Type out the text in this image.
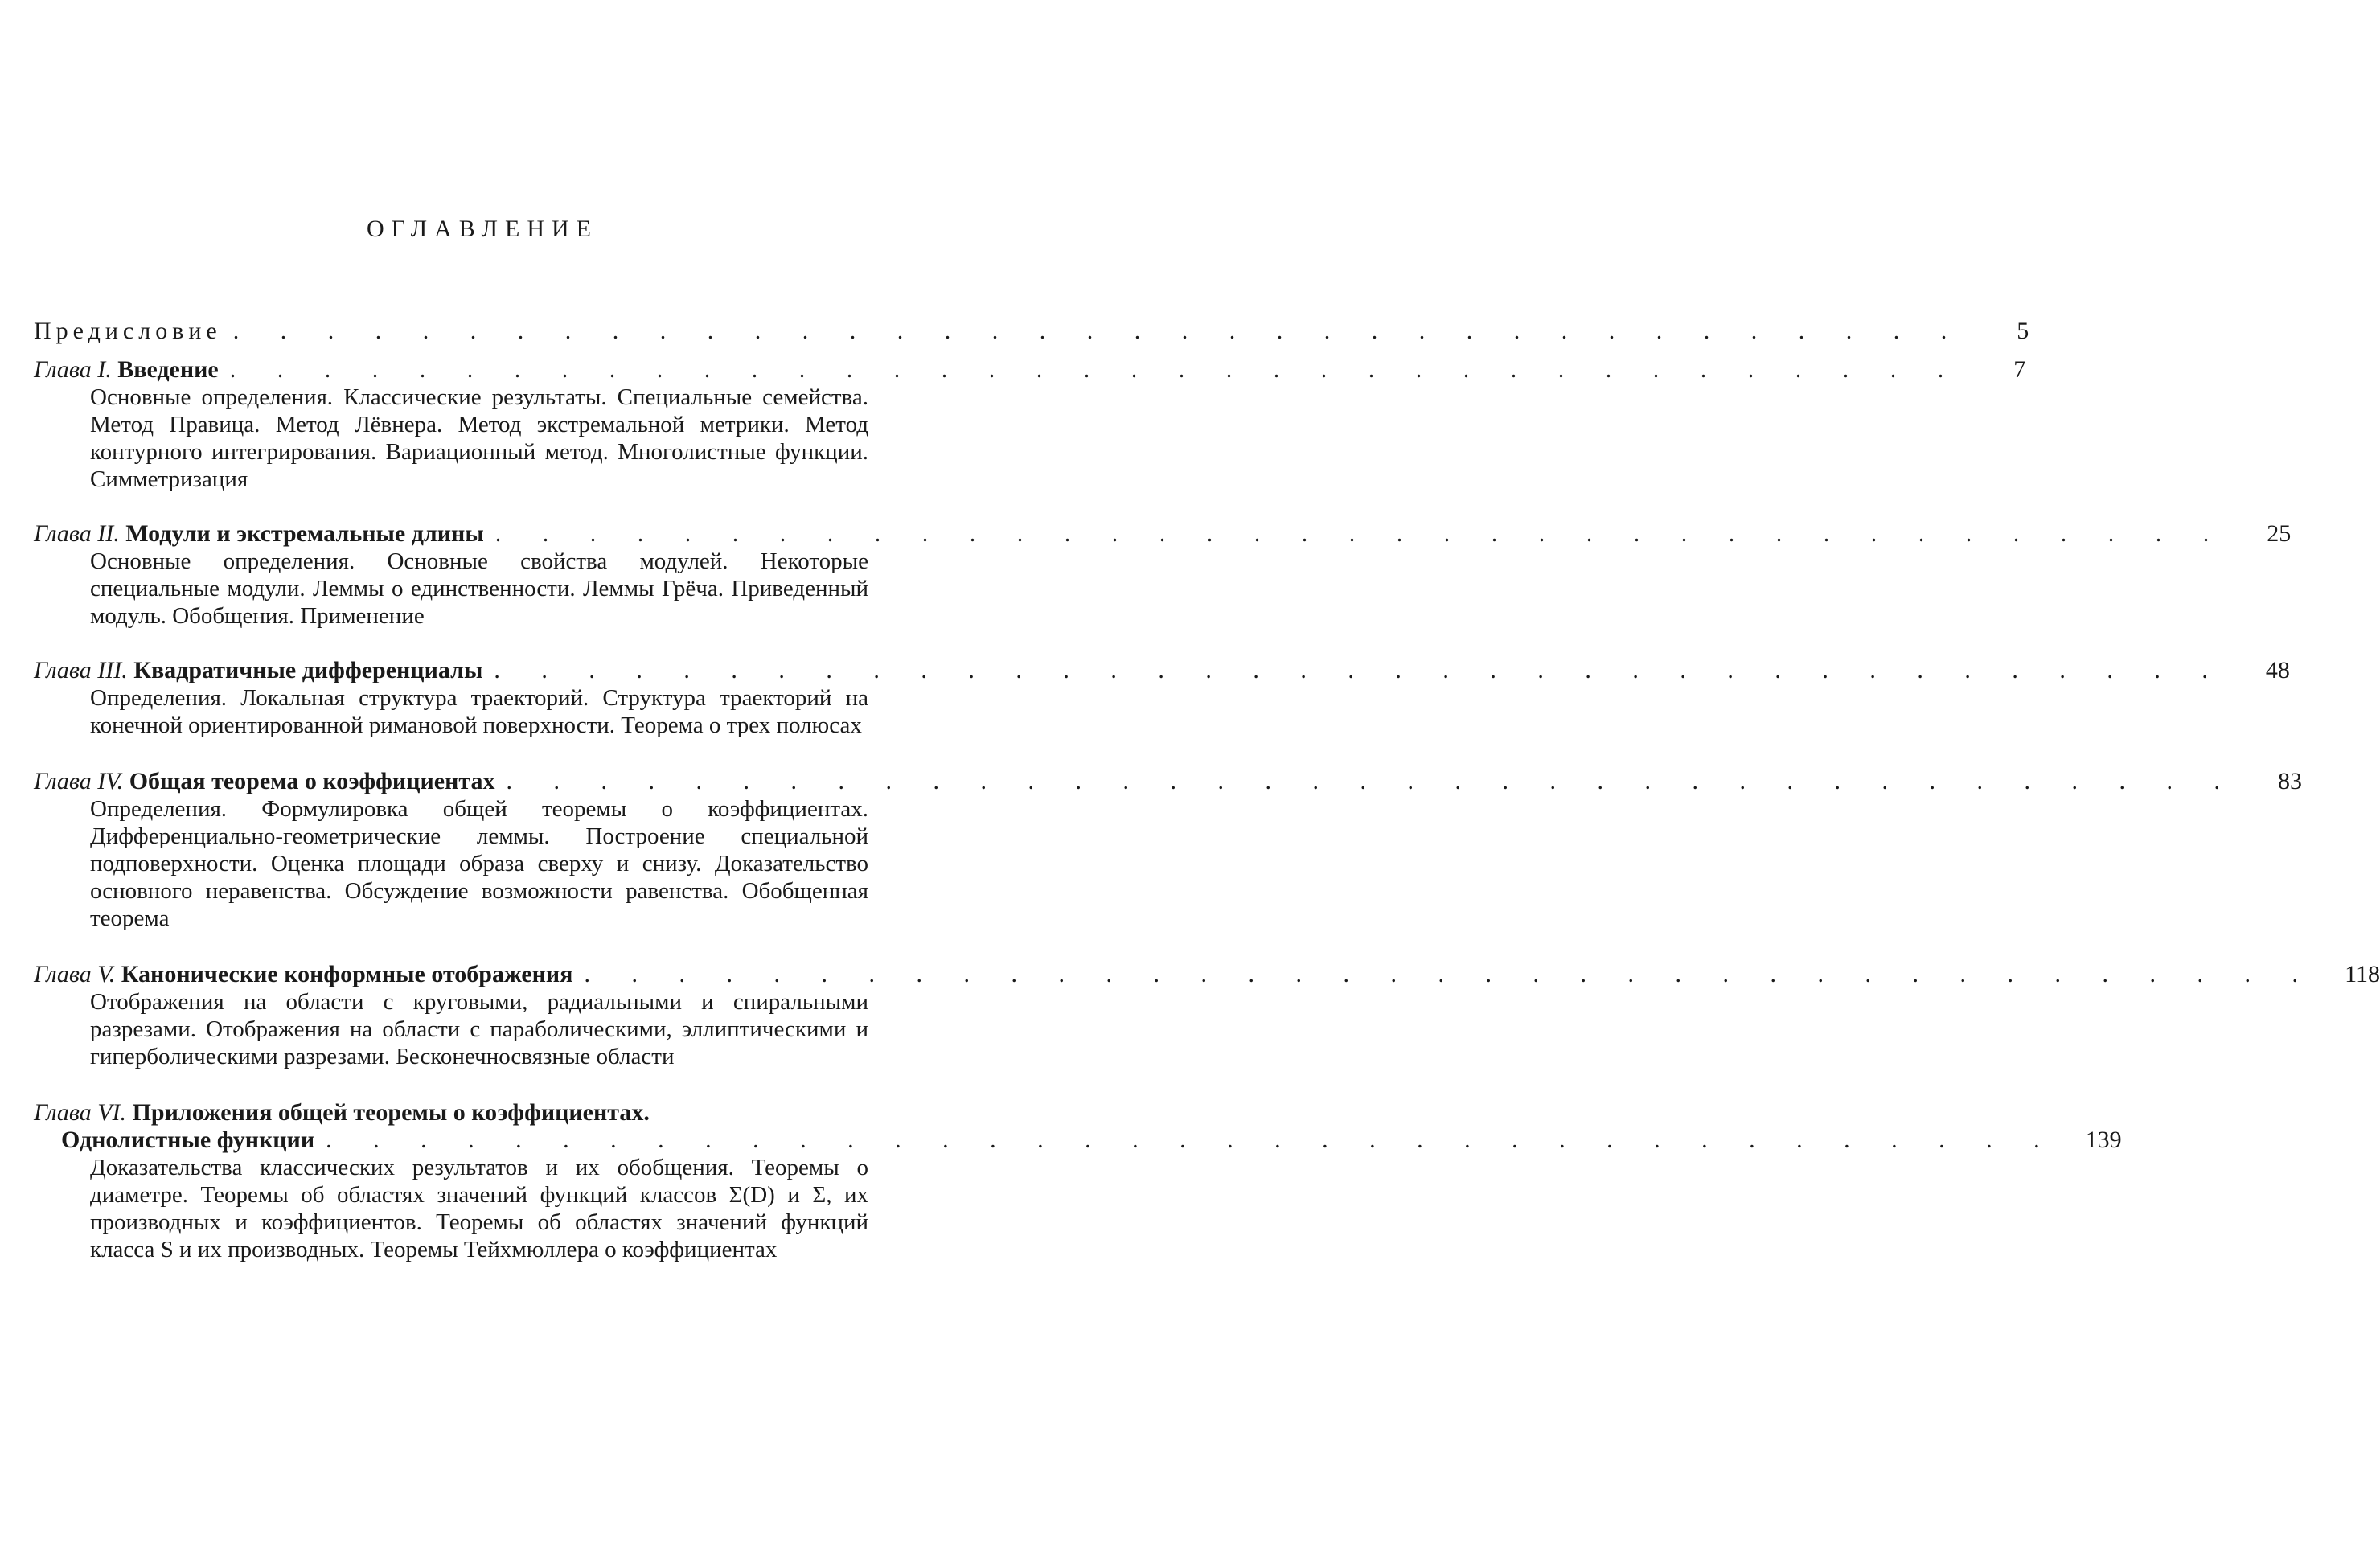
ОГЛАВЛЕНИЕ
Предисловие . . . . . . . . . . . . . . . . . . . . . . . . . . . . . . . . . . . . .	5
Глава I. Введение . . . . . . . . . . . . . . . . . . . . . . . . . . . . . . . . . . . . .	7
Основные определения. Классические результаты. Специальные семейства. Метод Правица. Метод Лёвнера. Метод экстремальной метрики. Метод контурного интегрирования. Вариационный метод. Многолистные функции. Симметризация
Глава II. Модули и экстремальные длины . . . . . . . . . . . . . . . . . . . . . . . . . . . . . . . . . . . . .	25
Основные определения. Основные свойства модулей. Некоторые специальные модули. Леммы о единственности. Леммы Грёча. Приведенный модуль. Обобщения. Применение
Глава III. Квадратичные дифференциалы . . . . . . . . . . . . . . . . . . . . . . . . . . . . . . . . . . . . .	48
Определения. Локальная структура траекторий. Структура траекторий на конечной ориентированной римановой поверхности. Теорема о трех полюсах
Глава IV. Общая теорема о коэффициентах . . . . . . . . . . . . . . . . . . . . . . . . . . . . . . . . . . . . .	83
Определения. Формулировка общей теоремы о коэффициентах. Дифференциально-геометрические леммы. Построение специальной подповерхности. Оценка площади образа сверху и снизу. Доказательство основного неравенства. Обсуждение возможности равенства. Обобщенная теорема
Глава V. Канонические конформные отображения . . . . . . . . . . . . . . . . . . . . . . . . . . . . . . . . . . . . .	118
Отображения на области с круговыми, радиальными и спиральными разрезами. Отображения на области с параболическими, эллиптическими и гиперболическими разрезами. Бесконечносвязные области
Глава VI. Приложения общей теоремы о коэффициентах.
Однолистные функции . . . . . . . . . . . . . . . . . . . . . . . . . . . . . . . . . . . . .	139
Доказательства классических результатов и их обобщения. Теоремы о диаметре. Теоремы об областях значений функций классов Σ(D) и Σ, их производных и коэффициентов. Теоремы об областях значений функций класса S и их производных. Теоремы Тейхмюллера о коэффициентах
